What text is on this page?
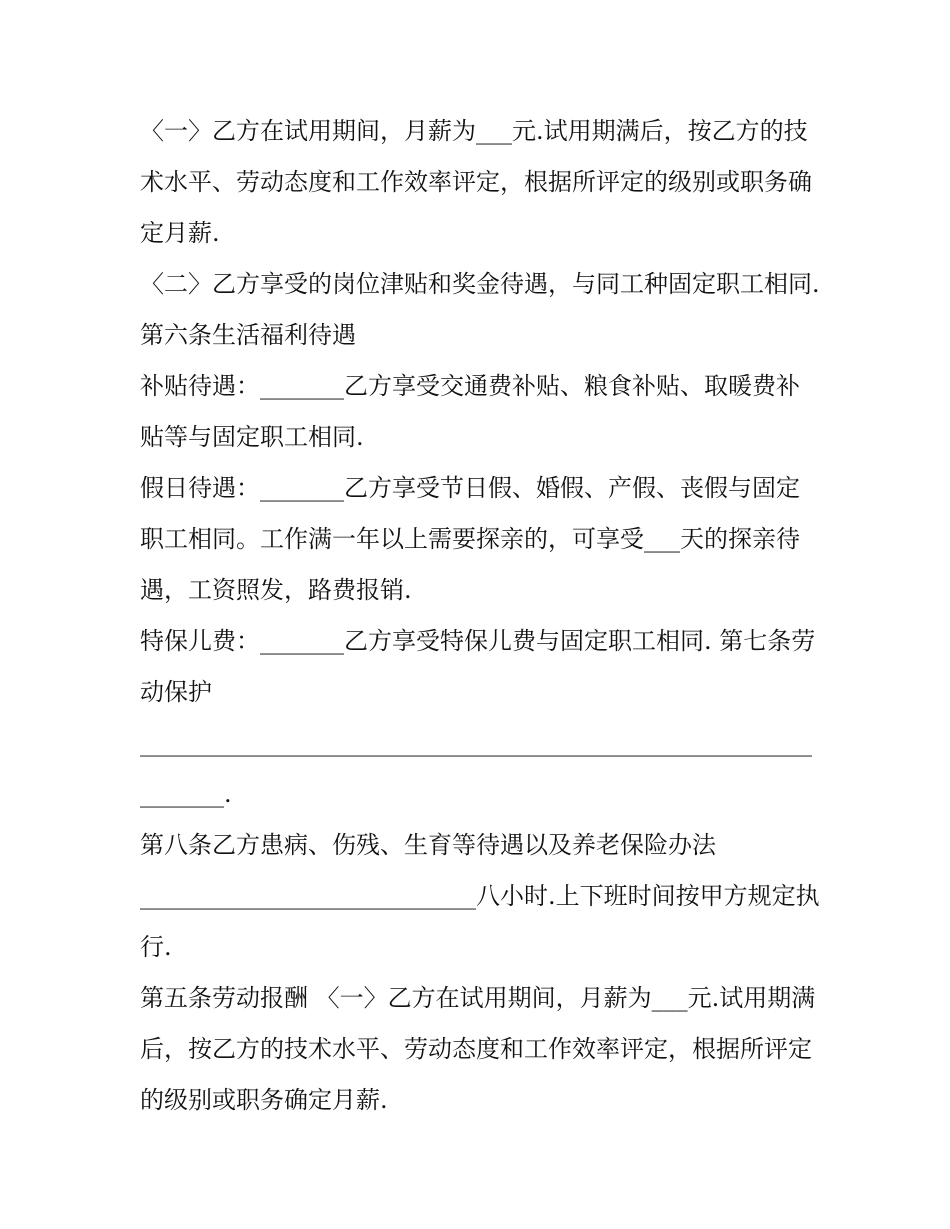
〈一〉乙方在试用期间，月薪为___元.试用期满后，按乙方的技术水平、劳动态度和工作效率评定，根据所评定的级别或职务确定月薪.

〈二〉乙方享受的岗位津贴和奖金待遇，与同工种固定职工相同. 第六条生活福利待遇

补贴待遇：_______乙方享受交通费补贴、粮食补贴、取暖费补贴等与固定职工相同.

假日待遇：_______乙方享受节日假、婚假、产假、丧假与固定职工相同。工作满一年以上需要探亲的，可享受___天的探亲待遇，工资照发，路费报销.

特保儿费：_______乙方享受特保儿费与固定职工相同. 第七条劳动保护

________________________________________________________

_______.

第八条乙方患病、伤残、生育等待遇以及养老保险办法

____________________________八小时.上下班时间按甲方规定执行.

第五条劳动报酬 〈一〉乙方在试用期间，月薪为___元.试用期满后，按乙方的技术水平、劳动态度和工作效率评定，根据所评定的级别或职务确定月薪.
